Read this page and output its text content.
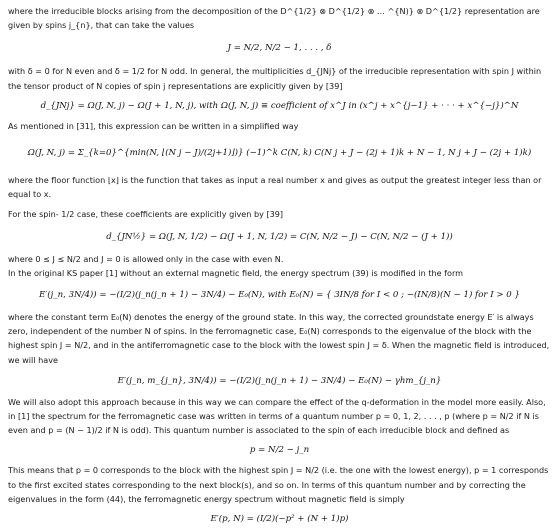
where the irreducible blocks arising from the decomposition of the D^{1/2} ⊗ D^{1/2} ⊗ … ^{N)} ⊗ D^{1/2} representation are given by spins j_{n}, that can take the values

J = N/2, N/2 − 1, . . . , δ

with δ = 0 for N even and δ = 1/2 for N odd. In general, the multiplicities d_{JNj} of the irreducible representation with spin J within the tensor product of N copies of spin j representations are explicitly given by [39]

d_{JNj} = Ω(J, N, j) − Ω(J + 1, N, j), with Ω(J, N, j) ≡ coefficient of x^J in (x^j + x^{j−1} + · · · + x^{−j})^N

As mentioned in [31], this expression can be written in a simplified way

Ω(J, N, j) = Σ_{k=0}^{min(N, ⌊(N j − J)/(2j+1)⌋)} (−1)^k C(N, k) C(N j + J − (2j + 1)k + N − 1, N j + J − (2j + 1)k)

where the floor function ⌊x⌋ is the function that takes as input a real number x and gives as output the greatest integer less than or equal to x.

For the spin- 1/2 case, these coefficients are explicitly given by [39]

d_{JN½} = Ω(J, N, 1/2) − Ω(J + 1, N, 1/2) = C(N, N/2 − J) − C(N, N/2 − (J + 1))

where 0 ≤ J ≤ N/2 and J = 0 is allowed only in the case with even N.

In the original KS paper [1] without an external magnetic field, the energy spectrum (39) is modified in the form

E′(j_n, 3N/4)) = −(I/2)(j_n(j_n + 1) − 3N/4) − E₀(N), with E₀(N) = { 3IN/8 for I < 0 ; −(IN/8)(N − 1) for I > 0 }

where the constant term E₀(N) denotes the energy of the ground state. In this way, the corrected groundstate energy E′ is always zero, independent of the number N of spins. In the ferromagnetic case, E₀(N) corresponds to the eigenvalue of the block with the highest spin J = N/2, and in the antiferromagnetic case to the block with the lowest spin J = δ. When the magnetic field is introduced, we will have

E′(j_n, m_{j_n}, 3N/4)) = −(I/2)(j_n(j_n + 1) − 3N/4) − E₀(N) − γhm_{j_n}

We will also adopt this approach because in this way we can compare the effect of the q-deformation in the model more easily. Also, in [1] the spectrum for the ferromagnetic case was written in terms of a quantum number p = 0, 1, 2, . . . , p (where p = N/2 if N is even and p = (N − 1)/2 if N is odd). This quantum number is associated to the spin of each irreducible block and defined as

p = N/2 − j_n

This means that p = 0 corresponds to the block with the highest spin J = N/2 (i.e. the one with the lowest energy), p = 1 corresponds to the first excited states corresponding to the next block(s), and so on. In terms of this quantum number and by correcting the eigenvalues in the form (44), the ferromagnetic energy spectrum without magnetic field is simply

E′(p, N) = (I/2)(−p² + (N + 1)p)
